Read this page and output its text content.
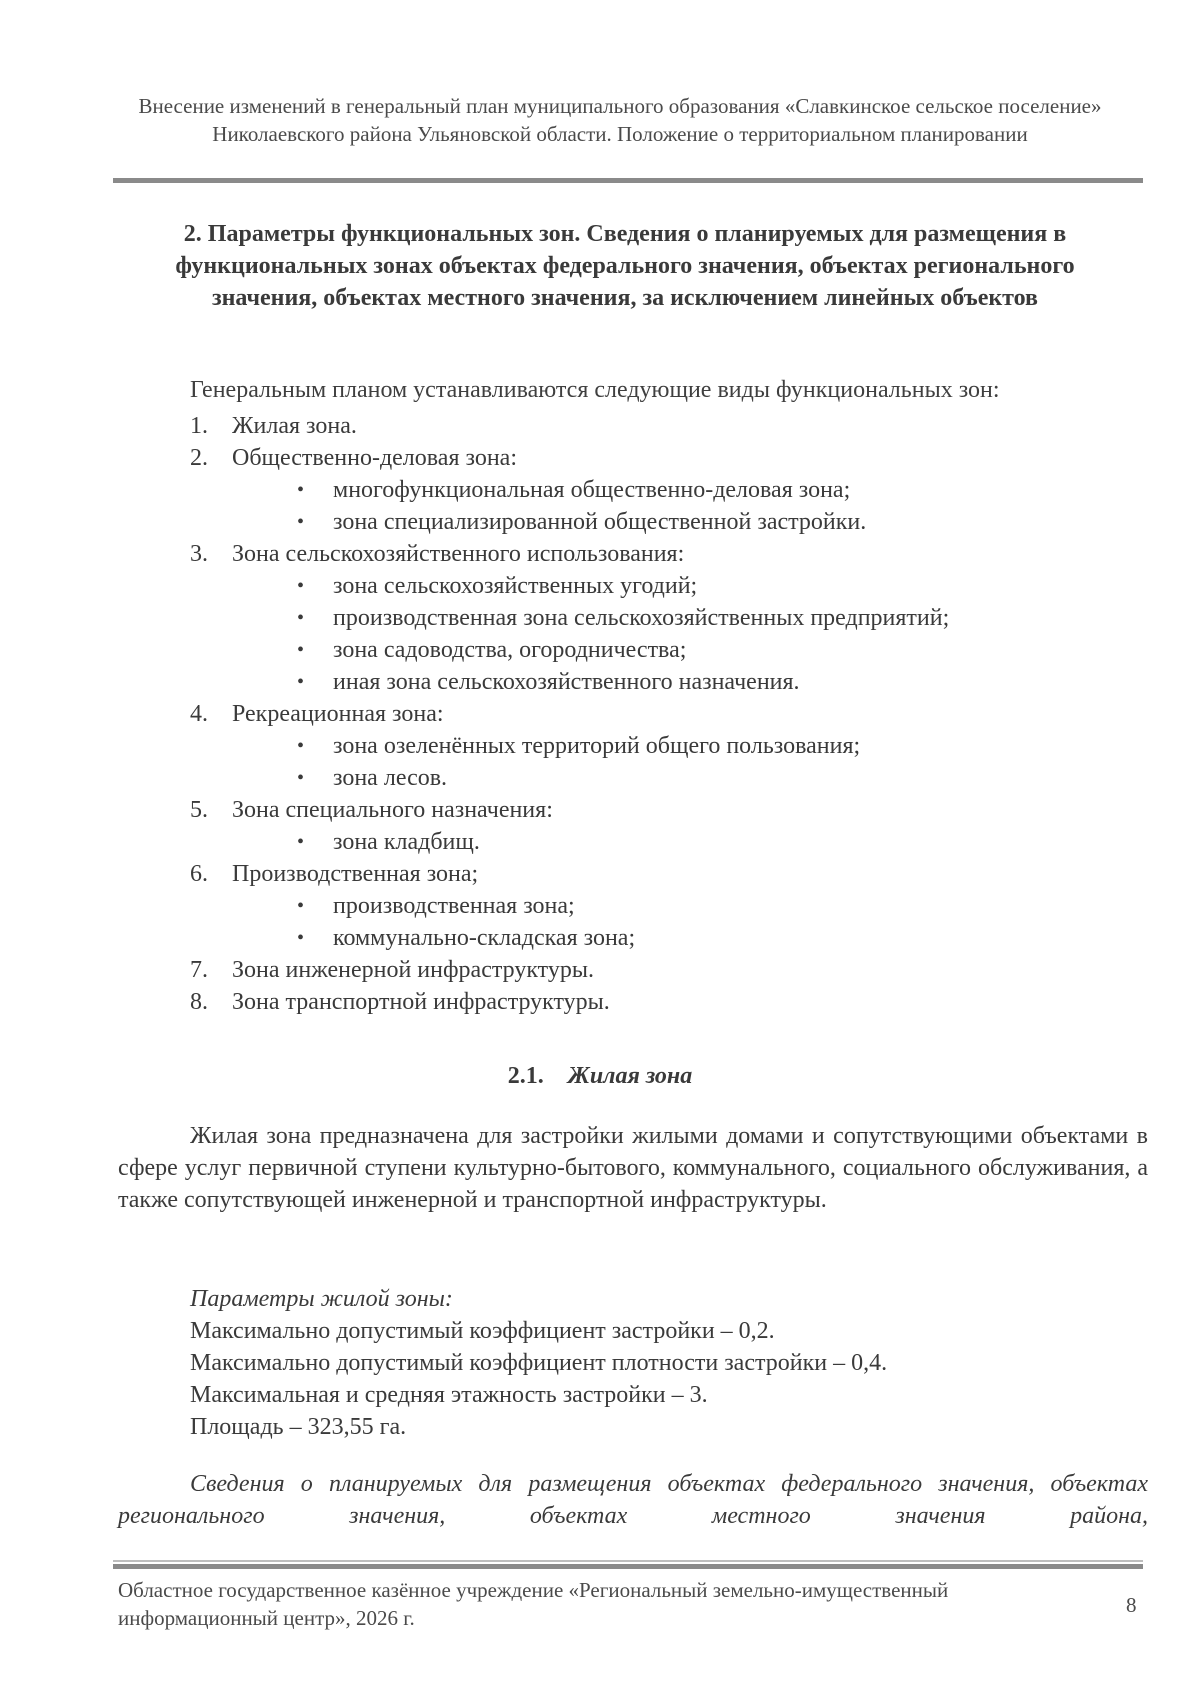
Внесение изменений в генеральный план муниципального образования «Славкинское сельское поселение» Николаевского района Ульяновской области. Положение о территориальном планировании
2. Параметры функциональных зон. Сведения о планируемых для размещения в функциональных зонах объектах федерального значения, объектах регионального значения, объектах местного значения, за исключением линейных объектов
Генеральным планом устанавливаются следующие виды функциональных зон:
1.	Жилая зона.
2.	Общественно-деловая зона:
• многофункциональная общественно-деловая зона;
• зона специализированной общественной застройки.
3.	Зона сельскохозяйственного использования:
• зона сельскохозяйственных угодий;
• производственная зона сельскохозяйственных предприятий;
• зона садоводства, огородничества;
• иная зона сельскохозяйственного назначения.
4.	Рекреационная зона:
• зона озеленённых территорий общего пользования;
• зона лесов.
5.	Зона специального назначения:
• зона кладбищ.
6.	Производственная зона;
• производственная зона;
• коммунально-складская зона;
7.	Зона инженерной инфраструктуры.
8.	Зона транспортной инфраструктуры.
2.1. Жилая зона
Жилая зона предназначена для застройки жилыми домами и сопутствующими объектами в сфере услуг первичной ступени культурно-бытового, коммунального, социального обслуживания, а также сопутствующей инженерной и транспортной инфраструктуры.
Параметры жилой зоны:
Максимально допустимый коэффициент застройки – 0,2.
Максимально допустимый коэффициент плотности застройки – 0,4.
Максимальная и средняя этажность застройки – 3.
Площадь – 323,55 га.
Сведения о планируемых для размещения объектах федерального значения, объектах регионального значения, объектах местного значения района,
Областное государственное казённое учреждение «Региональный земельно-имущественный информационный центр», 2026 г.
8
